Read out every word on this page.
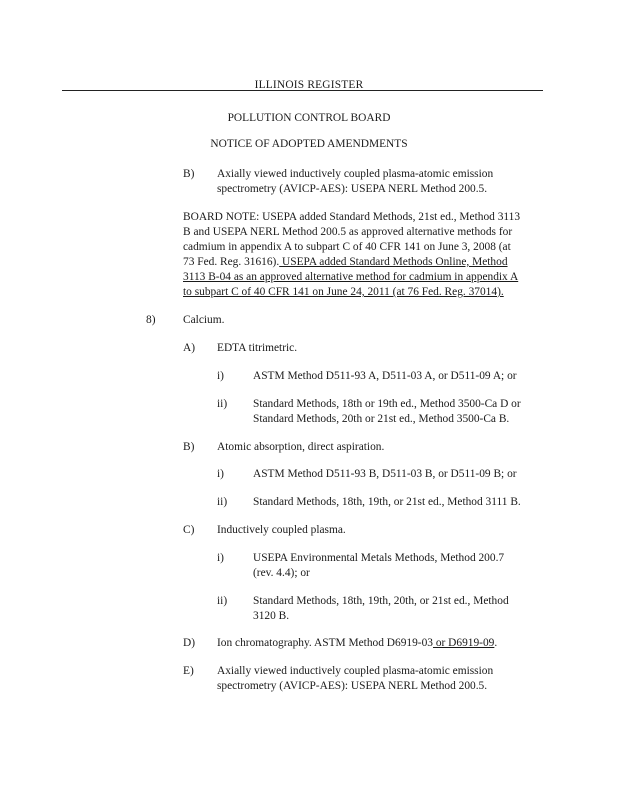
ILLINOIS REGISTER
POLLUTION CONTROL BOARD
NOTICE OF ADOPTED AMENDMENTS
B) Axially viewed inductively coupled plasma-atomic emission
spectrometry (AVICP-AES): USEPA NERL Method 200.5.
BOARD NOTE: USEPA added Standard Methods, 21st ed., Method 3113
B and USEPA NERL Method 200.5 as approved alternative methods for
cadmium in appendix A to subpart C of 40 CFR 141 on June 3, 2008 (at
73 Fed. Reg. 31616). USEPA added Standard Methods Online, Method
3113 B-04 as an approved alternative method for cadmium in appendix A
to subpart C of 40 CFR 141 on June 24, 2011 (at 76 Fed. Reg. 37014).
8) Calcium.
A) EDTA titrimetric.
i)	ASTM Method D511-93 A, D511-03 A, or D511-09 A; or
ii) Standard Methods, 18th or 19th ed., Method 3500-Ca D or
Standard Methods, 20th or 21st ed., Method 3500-Ca B.
B) Atomic absorption, direct aspiration.
i)	ASTM Method D511-93 B, D511-03 B, or D511-09 B; or
ii) Standard Methods, 18th, 19th, or 21st ed., Method 3111 B.
C) Inductively coupled plasma.
i)	USEPA Environmental Metals Methods, Method 200.7
(rev. 4.4); or
ii) Standard Methods, 18th, 19th, 20th, or 21st ed., Method
3120 B.
D) Ion chromatography. ASTM Method D6919-03 or D6919-09.
E) Axially viewed inductively coupled plasma-atomic emission
spectrometry (AVICP-AES): USEPA NERL Method 200.5.
